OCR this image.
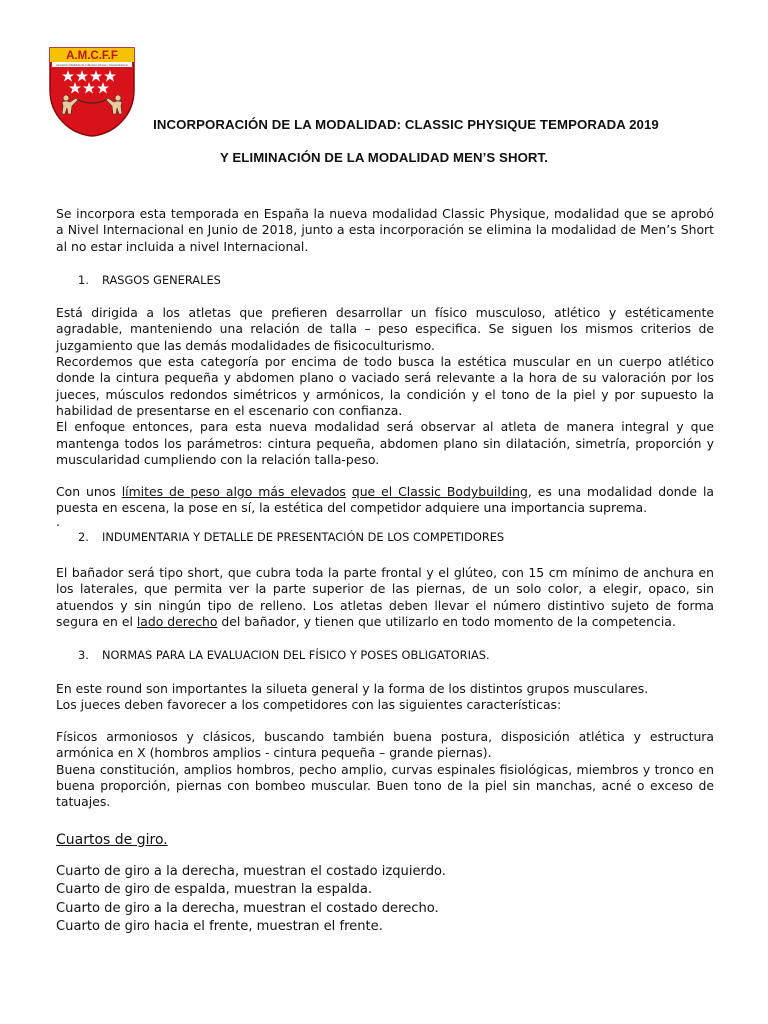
A.M.C.F.F
Asociación Madrileña de Culturismo Fitness y Fisicoculturismo
INCORPORACIÓN DE LA MODALIDAD: CLASSIC PHYSIQUE TEMPORADA 2019
Y ELIMINACIÓN DE LA MODALIDAD MEN’S SHORT.

Se incorpora esta temporada en España la nueva modalidad Classic Physique, modalidad que se aprobó a Nivel Internacional en Junio de 2018, junto a esta incorporación se elimina la modalidad de Men’s Short al no estar incluida a nivel Internacional.

1.	RASGOS GENERALES

Está dirigida a los atletas que prefieren desarrollar un físico musculoso, atlético y estéticamente agradable, manteniendo una relación de talla – peso especifica. Se siguen los mismos criterios de juzgamiento que las demás modalidades de fisicoculturismo.

Recordemos que esta categoría por encima de todo busca la estética muscular en un cuerpo atlético donde la cintura pequeña y abdomen plano o vaciado será relevante a la hora de su valoración por los jueces, músculos redondos simétricos y armónicos, la condición y el tono de la piel y por supuesto la habilidad de presentarse en el escenario con confianza.

El enfoque entonces, para esta nueva modalidad será observar al atleta de manera integral y que mantenga todos los parámetros: cintura pequeña, abdomen plano sin dilatación, simetría, proporción y muscularidad cumpliendo con la relación talla-peso.

Con unos límites de peso algo más elevados que el Classic Bodybuilding, es una modalidad donde la puesta en escena, la pose en sí, la estética del competidor adquiere una importancia suprema.

.

2.	INDUMENTARIA Y DETALLE DE PRESENTACIÓN DE LOS COMPETIDORES

El bañador será tipo short, que cubra toda la parte frontal y el glúteo, con 15 cm mínimo de anchura en los laterales, que permita ver la parte superior de las piernas, de un solo color, a elegir, opaco, sin atuendos y sin ningún tipo de relleno. Los atletas deben llevar el número distintivo sujeto de forma segura en el lado derecho del bañador, y tienen que utilizarlo en todo momento de la competencia.

3.	NORMAS PARA LA EVALUACION DEL FÍSICO Y POSES OBLIGATORIAS.

En este round son importantes la silueta general y la forma de los distintos grupos musculares.

Los jueces deben favorecer a los competidores con las siguientes características:

Físicos armoniosos y clásicos, buscando también buena postura, disposición atlética y estructura armónica en X (hombros amplios - cintura pequeña – grande piernas).

Buena constitución, amplios hombros, pecho amplio, curvas espinales fisiológicas, miembros y tronco en buena proporción, piernas con bombeo muscular. Buen tono de la piel sin manchas, acné o exceso de tatuajes.

Cuartos de giro.

Cuarto de giro a la derecha, muestran el costado izquierdo.

Cuarto de giro de espalda, muestran la espalda.

Cuarto de giro a la derecha, muestran el costado derecho.

Cuarto de giro hacia el frente, muestran el frente.
